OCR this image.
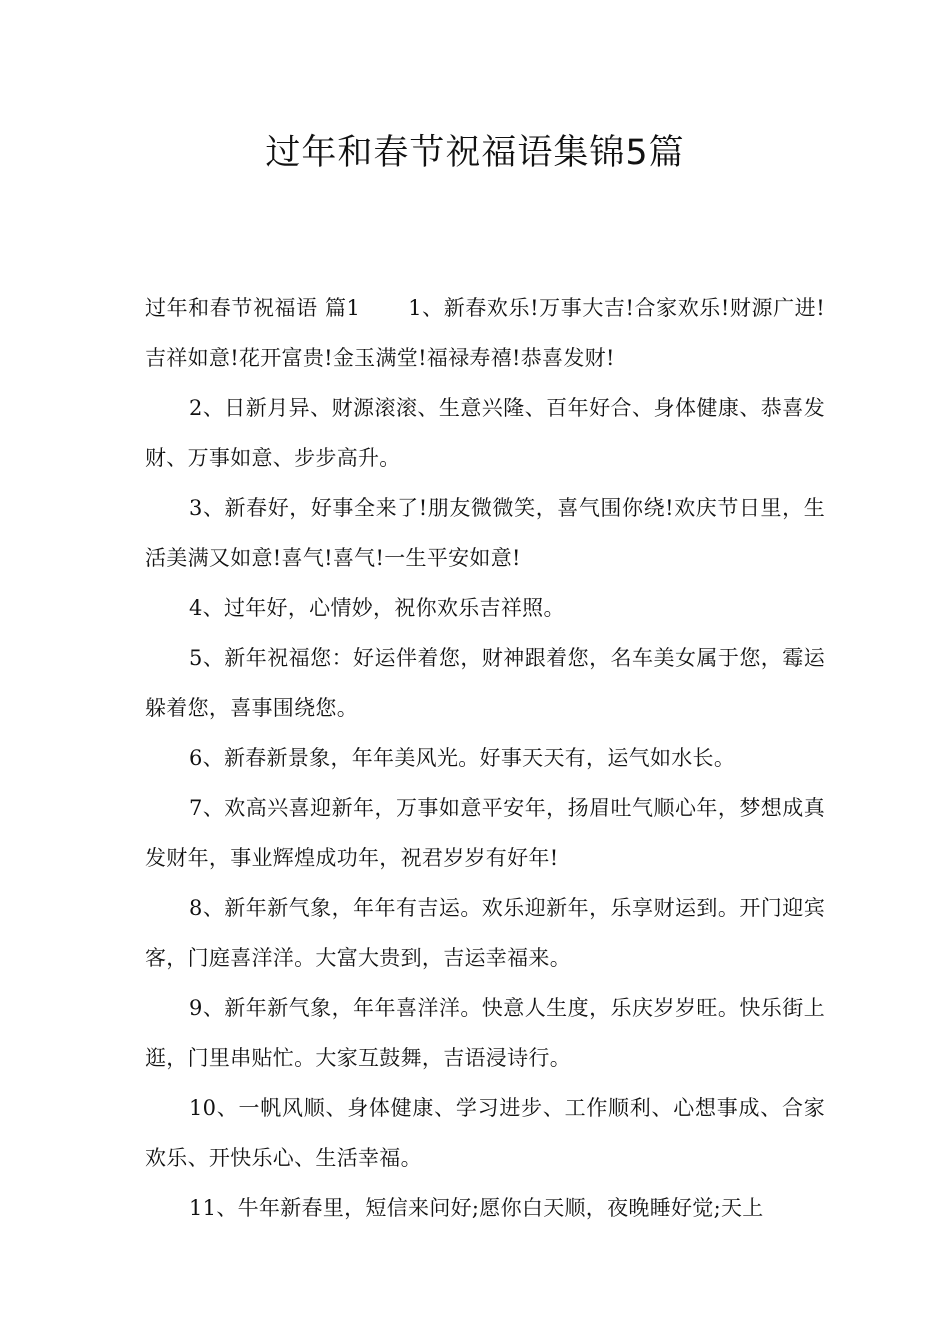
过年和春节祝福语集锦5篇

过年和春节祝福语 篇1 1、新春欢乐!万事大吉!合家欢乐!财源广进!吉祥如意!花开富贵!金玉满堂!福禄寿禧!恭喜发财!

2、日新月异、财源滚滚、生意兴隆、百年好合、身体健康、恭喜发财、万事如意、步步高升。

3、新春好，好事全来了!朋友微微笑，喜气围你绕!欢庆节日里，生活美满又如意!喜气!喜气!一生平安如意!

4、过年好，心情妙，祝你欢乐吉祥照。

5、新年祝福您：好运伴着您，财神跟着您，名车美女属于您，霉运躲着您，喜事围绕您。

6、新春新景象，年年美风光。好事天天有，运气如水长。

7、欢高兴喜迎新年，万事如意平安年，扬眉吐气顺心年，梦想成真发财年，事业辉煌成功年，祝君岁岁有好年!

8、新年新气象，年年有吉运。欢乐迎新年，乐享财运到。开门迎宾客，门庭喜洋洋。大富大贵到，吉运幸福来。

9、新年新气象，年年喜洋洋。快意人生度，乐庆岁岁旺。快乐街上逛，门里串贴忙。大家互鼓舞，吉语浸诗行。

10、一帆风顺、身体健康、学习进步、工作顺利、心想事成、合家欢乐、开快乐心、生活幸福。

11、牛年新春里，短信来问好;愿你白天顺，夜晚睡好觉;天上
